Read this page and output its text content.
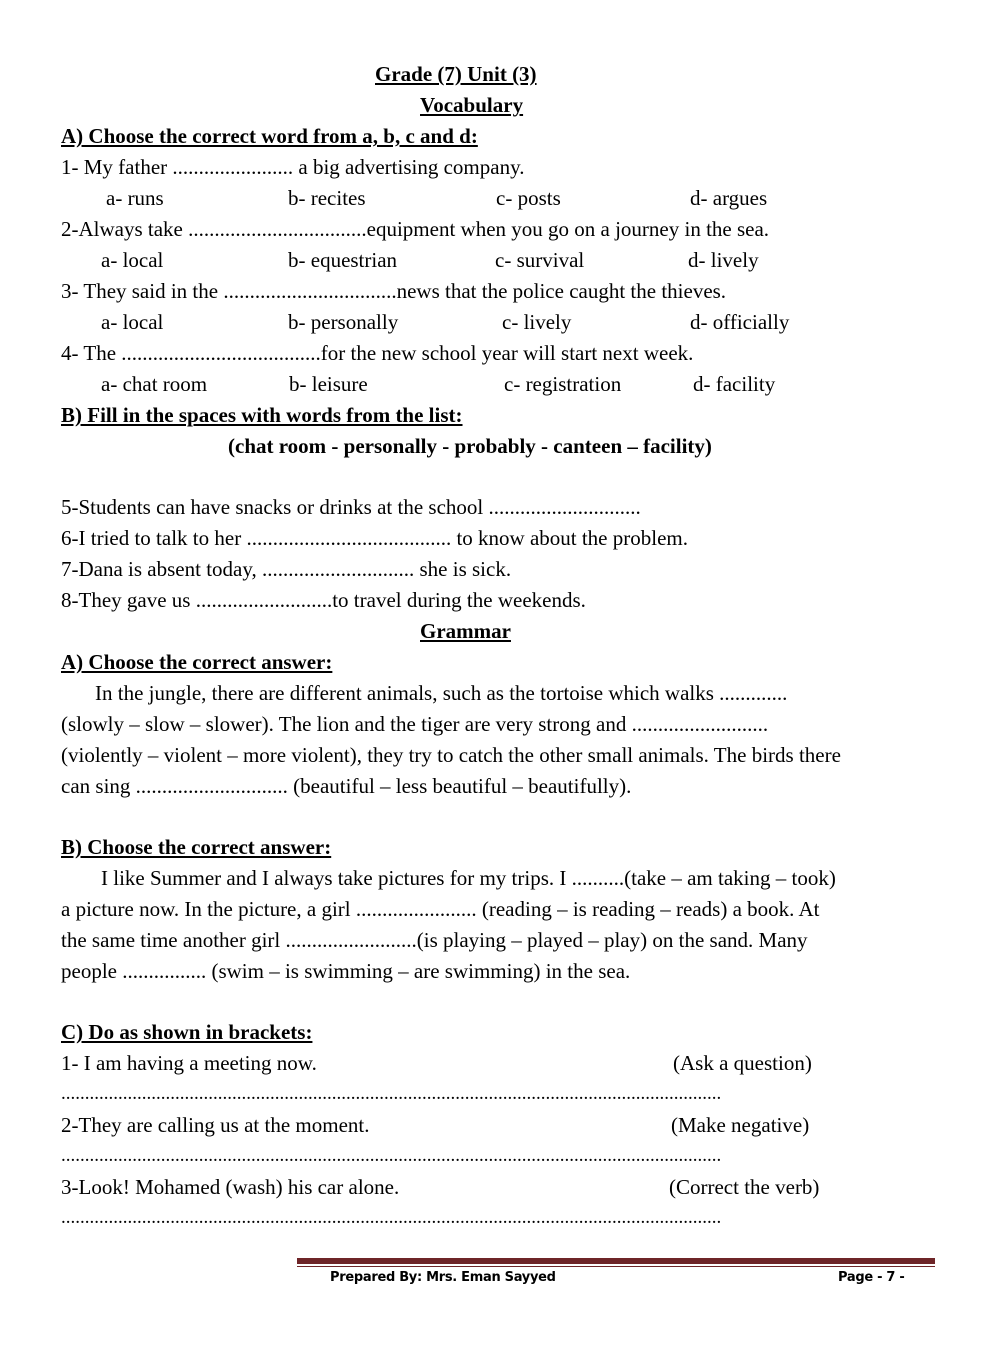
Grade (7) Unit (3)
Vocabulary
A) Choose the correct word from a, b, c and d:
1- My father ....................... a big advertising company.
a- runs	b- recites	c- posts	d- argues
2-Always take ..................................equipment when you go on a journey in the sea.
a- local	b- equestrian	c- survival	d- lively
3- They said in the .................................news that the police caught the thieves.
a- local	b- personally	c- lively	d- officially
4- The ......................................for the new school year will start next week.
a- chat room	b- leisure	c- registration	d- facility
B) Fill in the spaces with words from the list:
(chat room - personally - probably - canteen – facility)
5-Students can have snacks or drinks at the school .............................
6-I tried to talk to her ....................................... to know about the problem.
7-Dana is absent today, ............................. she is sick.
8-They gave us ..........................to travel during the weekends.
Grammar
A) Choose the correct answer:
In the jungle, there are different animals, such as the tortoise which walks .............
(slowly – slow – slower). The lion and the tiger are very strong and ..........................
(violently – violent – more violent), they try to catch the other small animals. The birds there
can sing ............................. (beautiful – less beautiful – beautifully).
B) Choose the correct answer:
I like Summer and I always take pictures for my trips. I ..........(take – am taking – took)
a picture now. In the picture, a girl ....................... (reading – is reading – reads) a book. At
the same time another girl .........................(is playing – played – play) on the sand. Many
people ................ (swim – is swimming – are swimming) in the sea.
C) Do as shown in brackets:
1- I am having a meeting now.	(Ask a question)
...........................................................................................................................................
2-They are calling us at the moment.	(Make negative)
...........................................................................................................................................
3-Look! Mohamed (wash) his car alone.	(Correct the verb)
...........................................................................................................................................
Prepared By: Mrs. Eman Sayyed	Page - 7 -
